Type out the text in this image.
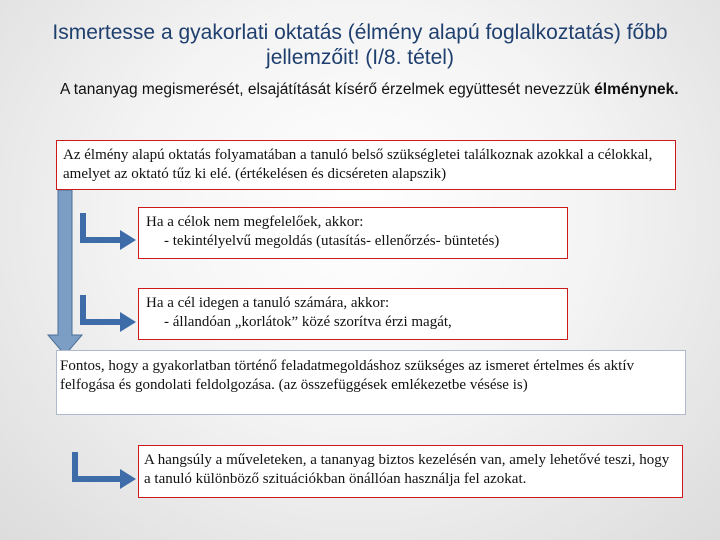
Ismertesse a gyakorlati oktatás (élmény alapú foglalkoztatás) főbb jellemzőit! (I/8. tétel)
A tananyag megismerését, elsajátítását kísérő érzelmek együttesét nevezzük élménynek.
Az élmény alapú oktatás folyamatában a tanuló belső szükségletei találkoznak azokkal a célokkal, amelyet az oktató tűz ki elé. (értékelésen és dicséreten alapszik)
Ha a célok nem megfelelőek, akkor:
- tekintélyelvű megoldás (utasítás- ellenőrzés- büntetés)
Ha a cél idegen a tanuló számára, akkor:
- állandóan „korlátok” közé szorítva érzi magát,
Fontos, hogy a gyakorlatban történő feladatmegoldáshoz szükséges az ismeret értelmes és aktív felfogása és gondolati feldolgozása. (az összefüggések emlékezetbe vésése is)
A hangsúly a műveleteken, a tananyag biztos kezelésén van, amely lehetővé teszi, hogy a tanuló különböző szituációkban önállóan használja fel azokat.
